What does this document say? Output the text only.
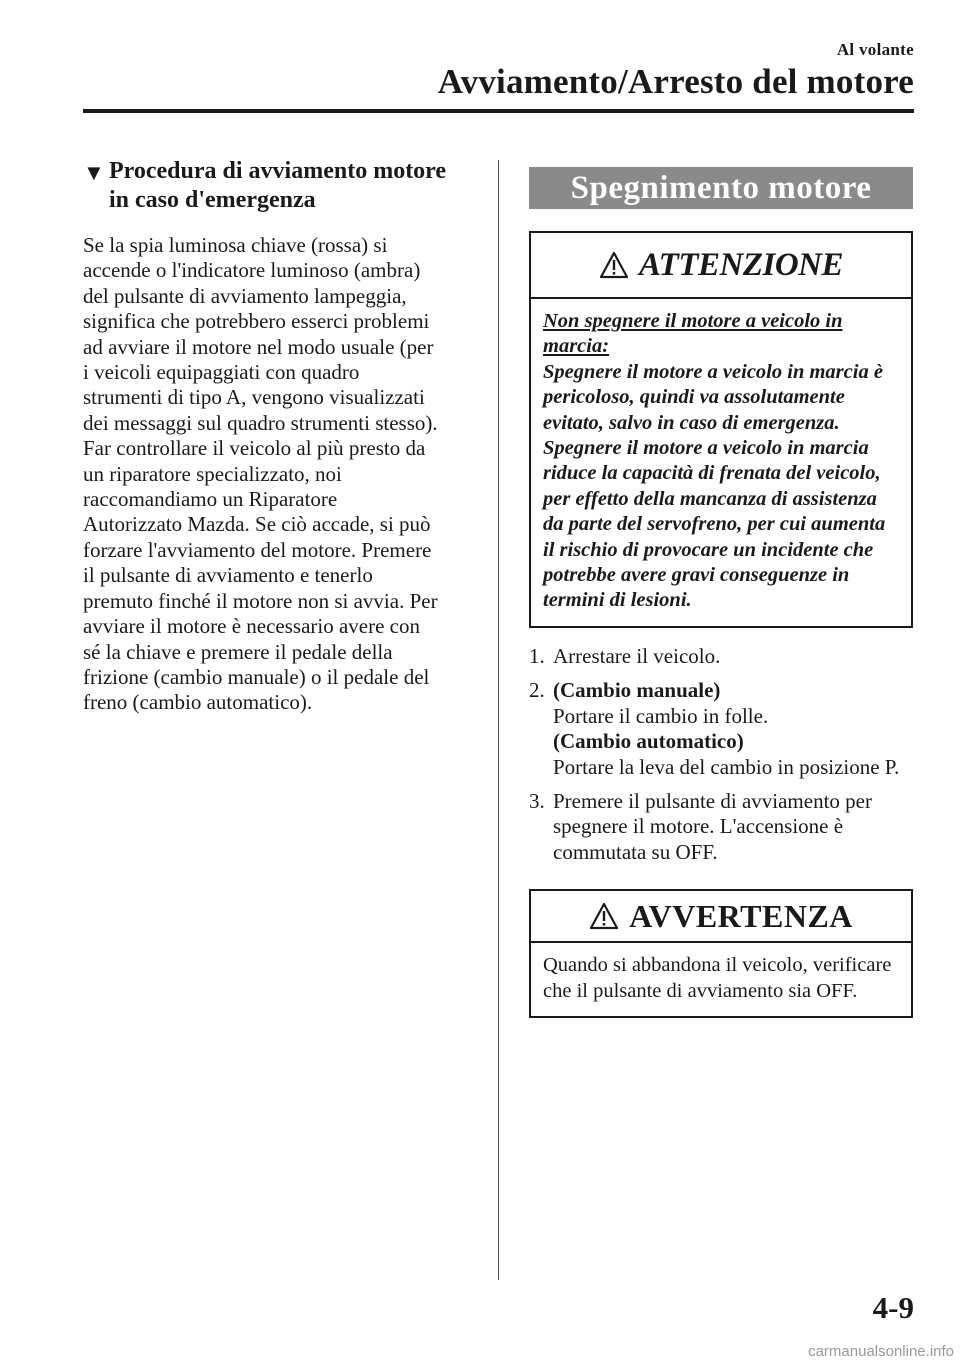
Al volante
Avviamento/Arresto del motore
▼ Procedura di avviamento motore
in caso d'emergenza
Se la spia luminosa chiave (rossa) si
accende o l'indicatore luminoso (ambra)
del pulsante di avviamento lampeggia,
significa che potrebbero esserci problemi
ad avviare il motore nel modo usuale (per
i veicoli equipaggiati con quadro
strumenti di tipo A, vengono visualizzati
dei messaggi sul quadro strumenti stesso).
Far controllare il veicolo al più presto da
un riparatore specializzato, noi
raccomandiamo un Riparatore
Autorizzato Mazda. Se ciò accade, si può
forzare l'avviamento del motore. Premere
il pulsante di avviamento e tenerlo
premuto finché il motore non si avvia. Per
avviare il motore è necessario avere con
sé la chiave e premere il pedale della
frizione (cambio manuale) o il pedale del
freno (cambio automatico).
Spegnimento motore
ATTENZIONE
Non spegnere il motore a veicolo in marcia:
Spegnere il motore a veicolo in marcia è pericoloso, quindi va assolutamente evitato, salvo in caso di emergenza. Spegnere il motore a veicolo in marcia riduce la capacità di frenata del veicolo, per effetto della mancanza di assistenza da parte del servofreno, per cui aumenta il rischio di provocare un incidente che potrebbe avere gravi conseguenze in termini di lesioni.
1. Arrestare il veicolo.
2. (Cambio manuale)
Portare il cambio in folle.
(Cambio automatico)
Portare la leva del cambio in posizione P.
3. Premere il pulsante di avviamento per spegnere il motore. L'accensione è commutata su OFF.
AVVERTENZA
Quando si abbandona il veicolo, verificare che il pulsante di avviamento sia OFF.
4-9
carmanualsonline.info
